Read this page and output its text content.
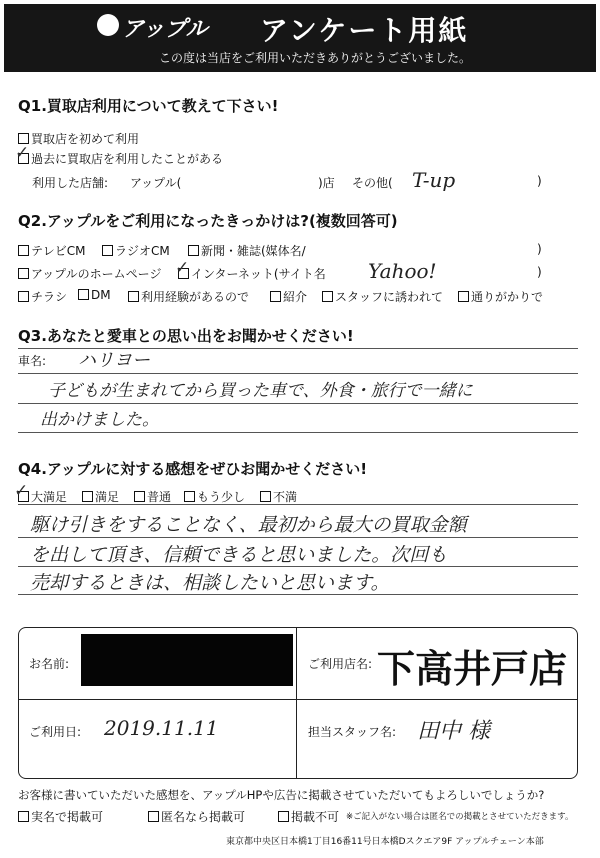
アップル アンケート用紙
この度は当店をご利用いただきありがとうございました。
Q1.買取店利用について教えて下さい!
買取店を初めて利用
過去に買取店を利用したことがある
✓
利用した店舗: アップル(	)店 その他( T-up	)
Q2.アップルをご利用になったきっかけは?(複数回答可)
テレビCM	ラジオCM	新聞・雑誌(媒体名/	)
アップルのホームページ	インターネット(サイト名
✓	Yahoo!	)
チラシ	DM	利用経験があるので	紹介	スタッフに誘われて	通りがかりで
Q3.あなたと愛車との思い出をお聞かせください!
車名: ハリヨー
子どもが生まれてから買った車で、外食・旅行で一緒に
出かけました。
Q4.アップルに対する感想をぜひお聞かせください!
大満足
✓	満足	普通	もう少し	不満
駆け引きをすることなく、最初から最大の買取金額
を出して頂き、信頼できると思いました。次回も
売却するときは、相談したいと思います。
お名前:	ご利用店名: 下高井戸店
ご利用日: 2019.11.11	担当スタッフ名: 田中 様
お客様に書いていただいた感想を、アップルHPや広告に掲載させていただいてもよろしいでしょうか?
実名で掲載可	匿名なら掲載可	掲載不可 ※ご記入がない場合は匿名での掲載とさせていただきます。
東京都中央区日本橋1丁目16番11号日本橋Dスクエア9F アップルチェーン本部
